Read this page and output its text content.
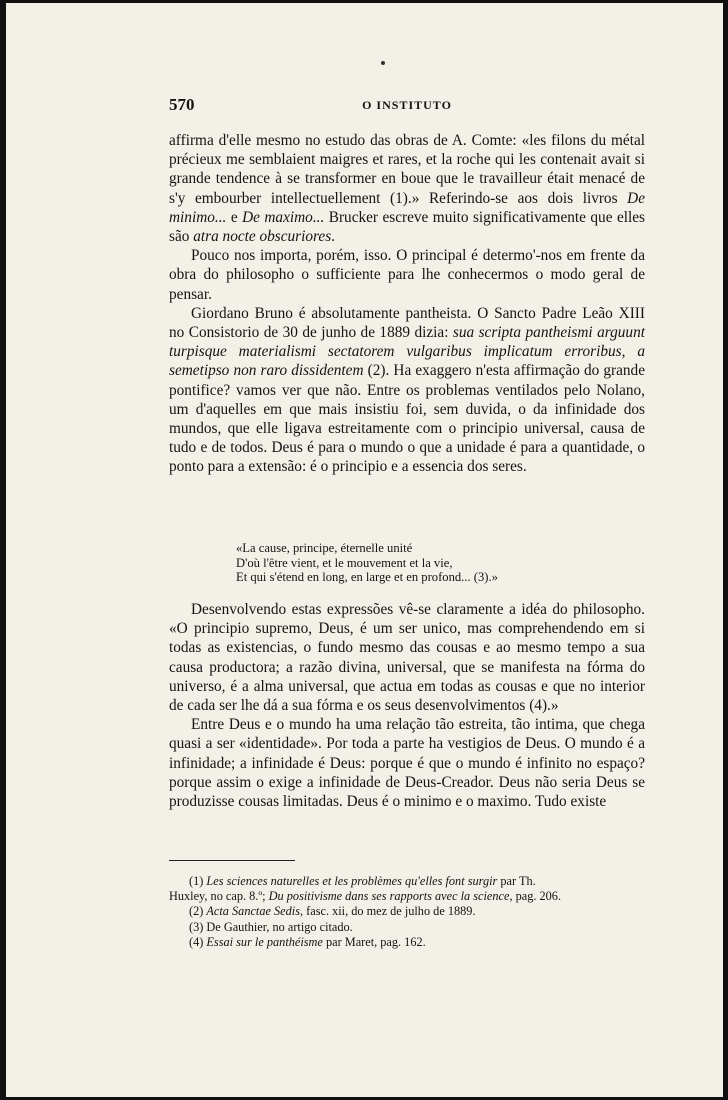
570	O INSTITUTO

affirma d'elle mesmo no estudo das obras de A. Comte: «les filons du métal précieux me semblaient maigres et rares, et la roche qui les contenait avait si grande tendence à se transformer en boue que le travailleur était menacé de s'y embourber intellectuellement (1).» Referindo-se aos dois livros De minimo... e De maximo... Brucker escreve muito significativamente que elles são atra nocte obscuriores.

Pouco nos importa, porém, isso. O principal é determo'-nos em frente da obra do philosopho o sufficiente para lhe conhecermos o modo geral de pensar.

Giordano Bruno é absolutamente pantheista. O Sancto Padre Leão XIII no Consistorio de 30 de junho de 1889 dizia: sua scripta pantheismi arguunt turpisque materialismi sectatorem vulgaribus implicatum erroribus, a semetipso non raro dissidentem (2). Ha exaggero n'esta affirmação do grande pontifice? vamos ver que não. Entre os problemas ventilados pelo Nolano, um d'aquelles em que mais insistiu foi, sem duvida, o da infinidade dos mundos, que elle ligava estreitamente com o principio universal, causa de tudo e de todos. Deus é para o mundo o que a unidade é para a quantidade, o ponto para a extensão: é o principio e a essencia dos seres.

«La cause, principe, éternelle unité
D'où l'être vient, et le mouvement et la vie,
Et qui s'étend en long, en large et en profond... (3).»

Desenvolvendo estas expressões vê-se claramente a idéa do philosopho. «O principio supremo, Deus, é um ser unico, mas comprehendendo em si todas as existencias, o fundo mesmo das cousas e ao mesmo tempo a sua causa productora; a razão divina, universal, que se manifesta na fórma do universo, é a alma universal, que actua em todas as cousas e que no interior de cada ser lhe dá a sua fórma e os seus desenvolvimentos (4).»

Entre Deus e o mundo ha uma relação tão estreita, tão intima, que chega quasi a ser «identidade». Por toda a parte ha vestigios de Deus. O mundo é a infinidade; a infinidade é Deus: porque é que o mundo é infinito no espaço? porque assim o exige a infinidade de Deus-Creador. Deus não seria Deus se produzisse cousas limitadas. Deus é o minimo e o maximo. Tudo existe

(1) Les sciences naturelles et les problèmes qu'elles font surgir par Th.
Huxley, no cap. 8.º; Du positivisme dans ses rapports avec la science, pag. 206.
(2) Acta Sanctae Sedis, fasc. xii, do mez de julho de 1889.
(3) De Gauthier, no artigo citado.
(4) Essai sur le panthéisme par Maret, pag. 162.
